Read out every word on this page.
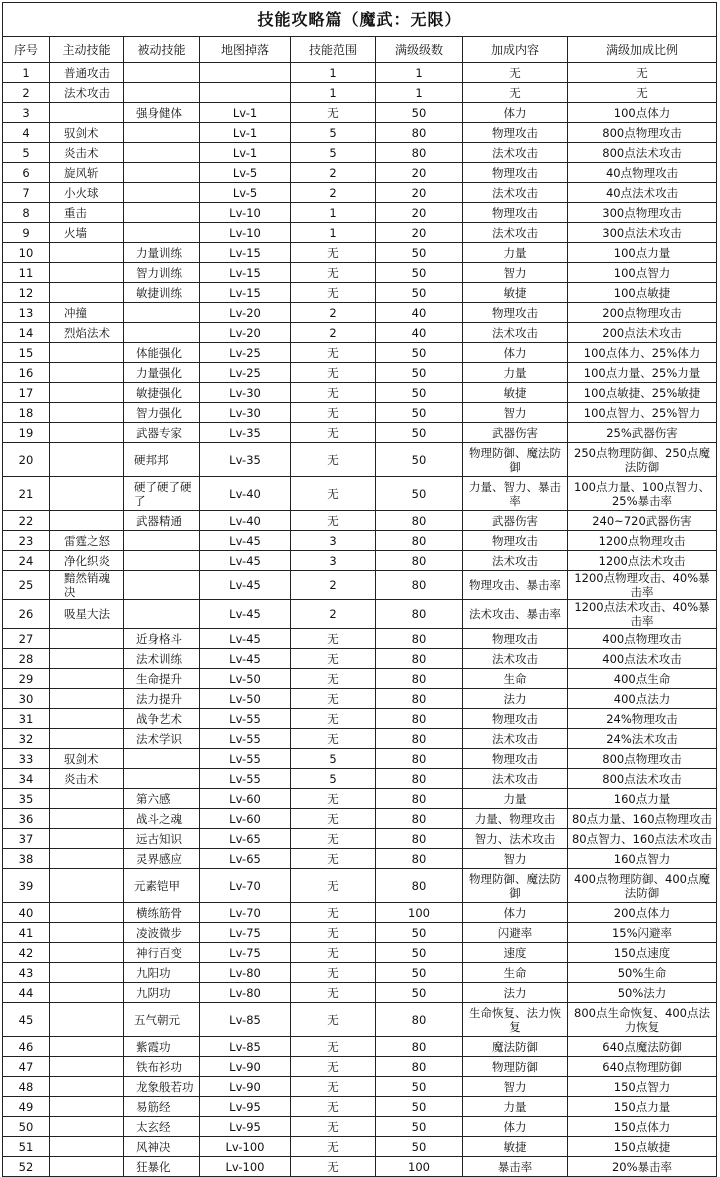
技能攻略篇（魔武：无限）							
序号	主动技能	被动技能	地图掉落	技能范围	满级级数	加成内容	满级加成比例
1	普通攻击			1	1	无	无
2	法术攻击			1	1	无	无
3		强身健体	Lv-1	无	50	体力	100点体力
4	驭剑术		Lv-1	5	80	物理攻击	800点物理攻击
5	炎击术		Lv-1	5	80	法术攻击	800点法术攻击
6	旋风斩		Lv-5	2	20	物理攻击	40点物理攻击
7	小火球		Lv-5	2	20	法术攻击	40点法术攻击
8	重击		Lv-10	1	20	物理攻击	300点物理攻击
9	火墙		Lv-10	1	20	法术攻击	300点法术攻击
10		力量训练	Lv-15	无	50	力量	100点力量
11		智力训练	Lv-15	无	50	智力	100点智力
12		敏捷训练	Lv-15	无	50	敏捷	100点敏捷
13	冲撞		Lv-20	2	40	物理攻击	200点物理攻击
14	烈焰法术		Lv-20	2	40	法术攻击	200点法术攻击
15		体能强化	Lv-25	无	50	体力	100点体力、25%体力
16		力量强化	Lv-25	无	50	力量	100点力量、25%力量
17		敏捷强化	Lv-30	无	50	敏捷	100点敏捷、25%敏捷
18		智力强化	Lv-30	无	50	智力	100点智力、25%智力
19		武器专家	Lv-35	无	50	武器伤害	25%武器伤害
20		硬邦邦	Lv-35	无	50	物理防御、魔法防御	250点物理防御、250点魔法防御
21		硬了硬了硬了	Lv-40	无	50	力量、智力、暴击率	100点力量、100点智力、25%暴击率
22		武器精通	Lv-40	无	80	武器伤害	240~720武器伤害
23	雷霆之怒		Lv-45	3	80	物理攻击	1200点物理攻击
24	净化织炎		Lv-45	3	80	法术攻击	1200点法术攻击
25	黯然销魂决		Lv-45	2	80	物理攻击、暴击率	1200点物理攻击、40%暴击率
26	吸星大法		Lv-45	2	80	法术攻击、暴击率	1200点法术攻击、40%暴击率
27		近身格斗	Lv-45	无	80	物理攻击	400点物理攻击
28		法术训练	Lv-45	无	80	法术攻击	400点法术攻击
29		生命提升	Lv-50	无	80	生命	400点生命
30		法力提升	Lv-50	无	80	法力	400点法力
31		战争艺术	Lv-55	无	80	物理攻击	24%物理攻击
32		法术学识	Lv-55	无	80	法术攻击	24%法术攻击
33	驭剑术		Lv-55	5	80	物理攻击	800点物理攻击
34	炎击术		Lv-55	5	80	法术攻击	800点法术攻击
35		第六感	Lv-60	无	80	力量	160点力量
36		战斗之魂	Lv-60	无	80	力量、物理攻击	80点力量、160点物理攻击
37		远古知识	Lv-65	无	80	智力、法术攻击	80点智力、160点法术攻击
38		灵界感应	Lv-65	无	80	智力	160点智力
39		元素铠甲	Lv-70	无	80	物理防御、魔法防御	400点物理防御、400点魔法防御
40		横练筋骨	Lv-70	无	100	体力	200点体力
41		凌波微步	Lv-75	无	50	闪避率	15%闪避率
42		神行百变	Lv-75	无	50	速度	150点速度
43		九阳功	Lv-80	无	50	生命	50%生命
44		九阴功	Lv-80	无	50	法力	50%法力
45		五气朝元	Lv-85	无	80	生命恢复、法力恢复	800点生命恢复、400点法力恢复
46		紫霞功	Lv-85	无	80	魔法防御	640点魔法防御
47		铁布衫功	Lv-90	无	80	物理防御	640点物理防御
48		龙象般若功	Lv-90	无	50	智力	150点智力
49		易筋经	Lv-95	无	50	力量	150点力量
50		太玄经	Lv-95	无	50	体力	150点体力
51		风神决	Lv-100	无	50	敏捷	150点敏捷
52		狂暴化	Lv-100	无	100	暴击率	20%暴击率
